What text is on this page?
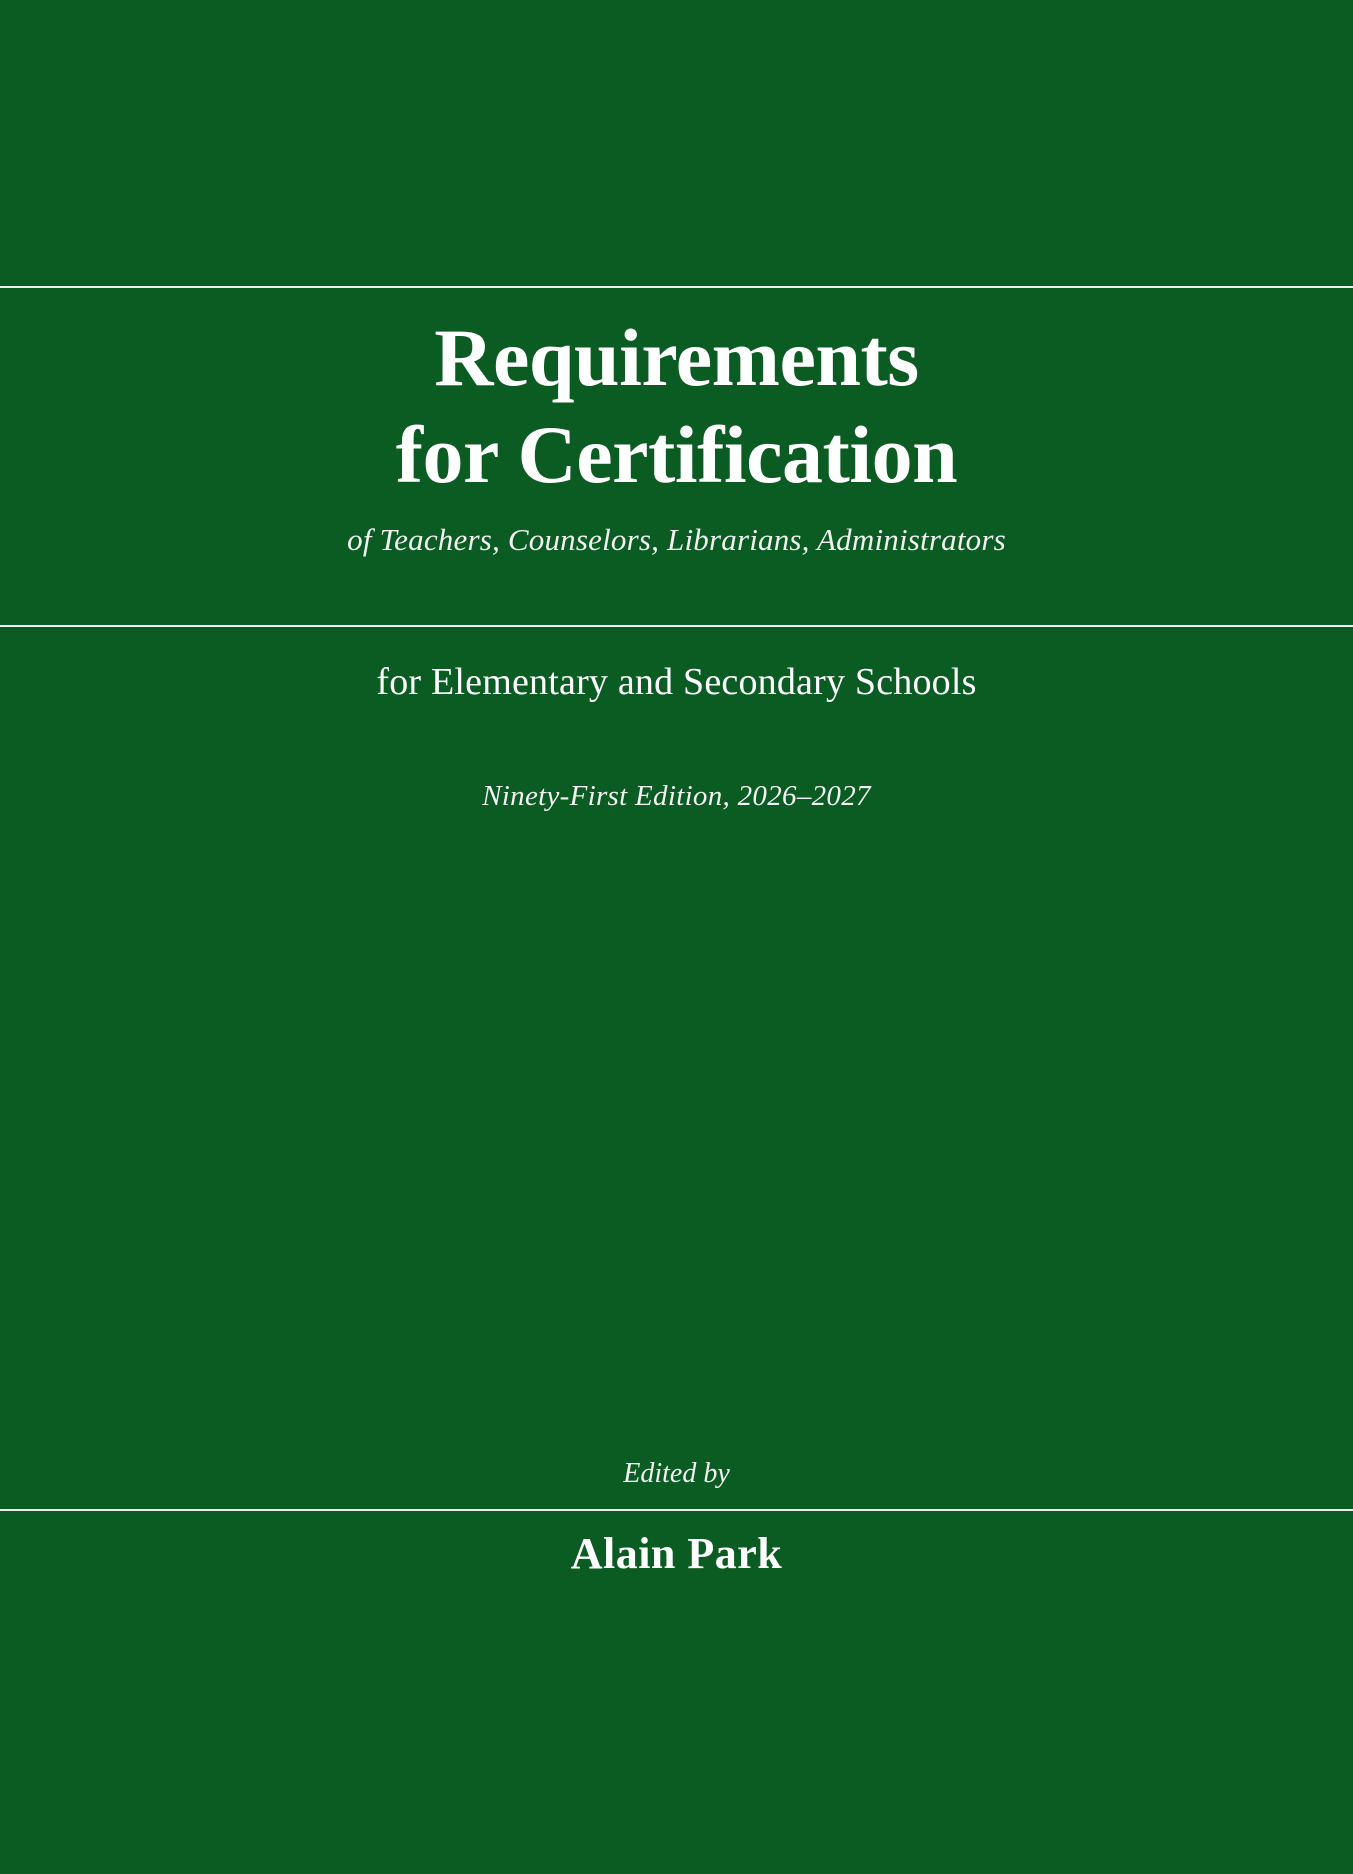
Requirements
for Certification
of Teachers, Counselors, Librarians, Administrators
for Elementary and Secondary Schools
Ninety-First Edition, 2026–2027
Edited by
Alain Park
